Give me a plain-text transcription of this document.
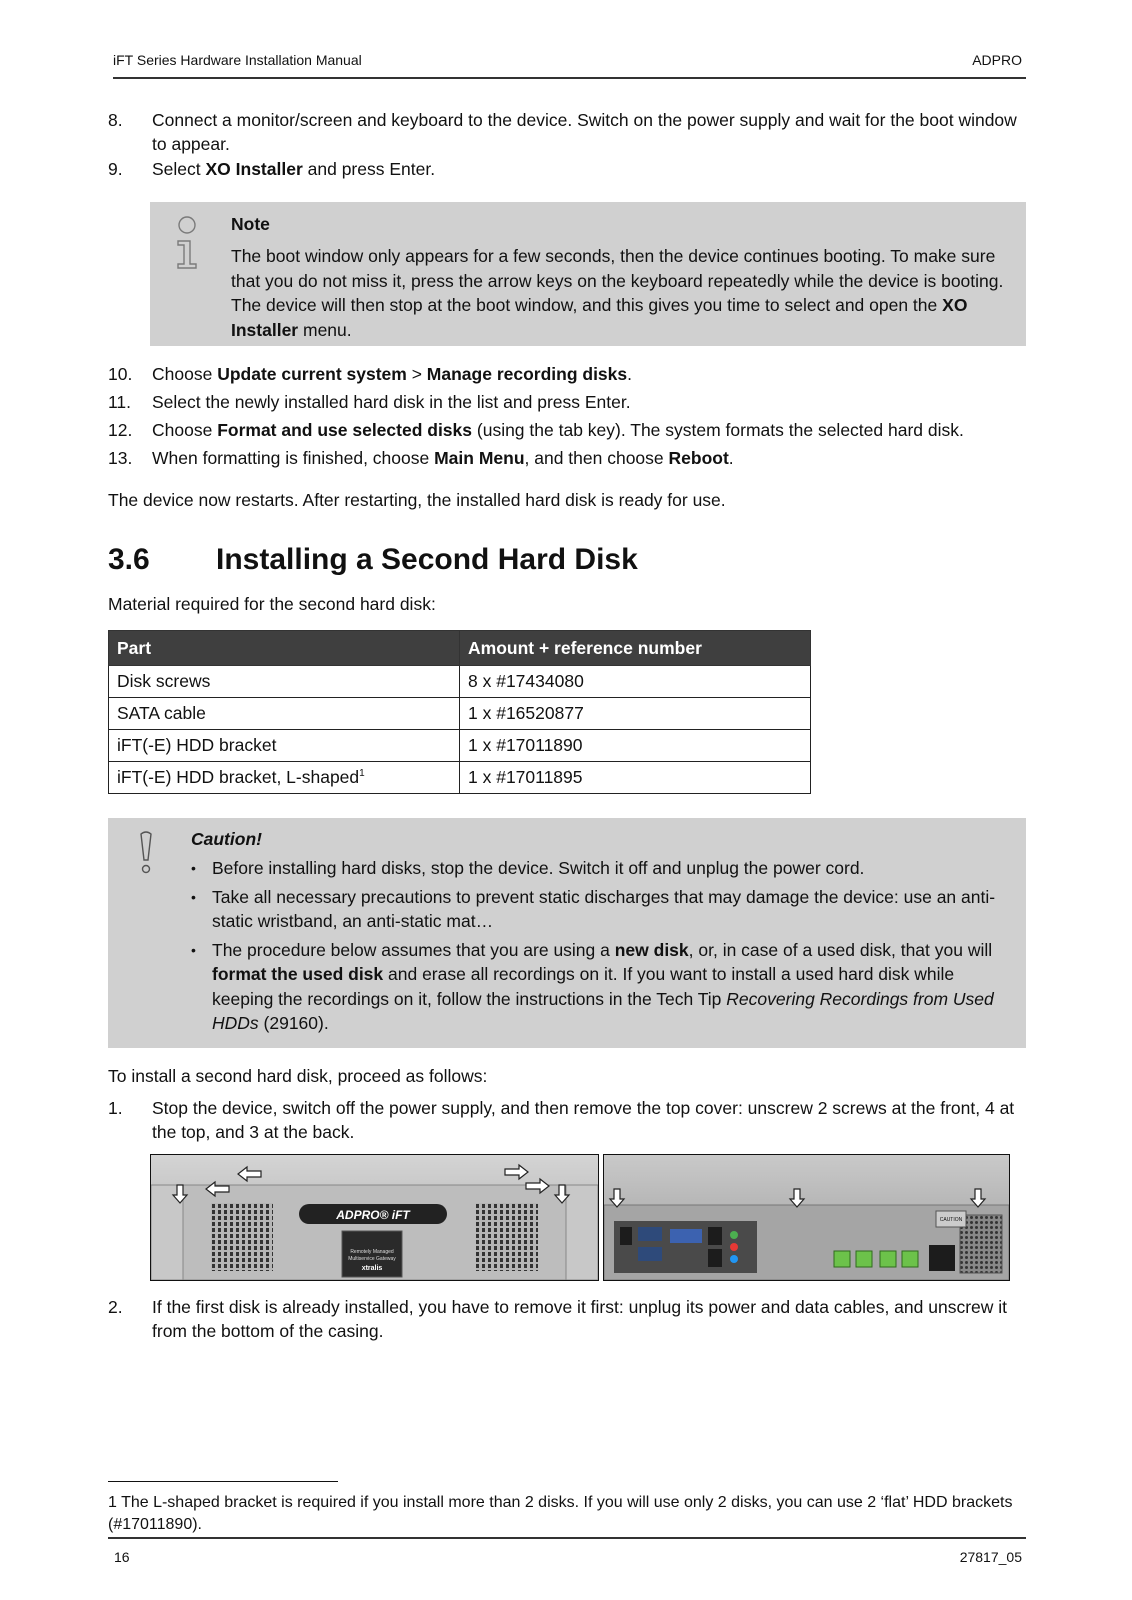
iFT Series Hardware Installation Manual	ADPRO
8. Connect a monitor/screen and keyboard to the device. Switch on the power supply and wait for the boot window to appear.
9. Select XO Installer and press Enter.
Note
The boot window only appears for a few seconds, then the device continues booting. To make sure that you do not miss it, press the arrow keys on the keyboard repeatedly while the device is booting. The device will then stop at the boot window, and this gives you time to select and open the XO Installer menu.
10. Choose Update current system > Manage recording disks.
11. Select the newly installed hard disk in the list and press Enter.
12. Choose Format and use selected disks (using the tab key). The system formats the selected hard disk.
13. When formatting is finished, choose Main Menu, and then choose Reboot.
The device now restarts. After restarting, the installed hard disk is ready for use.
3.6 Installing a Second Hard Disk
Material required for the second hard disk:
Part	Amount + reference number
Disk screws	8 x #17434080
SATA cable	1 x #16520877
iFT(-E) HDD bracket	1 x #17011890
iFT(-E) HDD bracket, L-shaped$^1$	1 x #17011895
Caution!
• Before installing hard disks, stop the device. Switch it off and unplug the power cord.
• Take all necessary precautions to prevent static discharges that may damage the device: use an anti-static wristband, an anti-static mat…
• The procedure below assumes that you are using a new disk, or, in case of a used disk, that you will format the used disk and erase all recordings on it. If you want to install a used hard disk while keeping the recordings on it, follow the instructions in the Tech Tip Recovering Recordings from Used HDDs (29160).
To install a second hard disk, proceed as follows:
1. Stop the device, switch off the power supply, and then remove the top cover: unscrew 2 screws at the front, 4 at the top, and 3 at the back.
ADPRO® iFT
Remotely Managed
Multiservice Gateway
xtralis
CAUTION
2. If the first disk is already installed, you have to remove it first: unplug its power and data cables, and unscrew it from the bottom of the casing.
1 The L-shaped bracket is required if you install more than 2 disks. If you will use only 2 disks, you can use 2 ‘flat’ HDD brackets (#17011890).
16	27817_05
